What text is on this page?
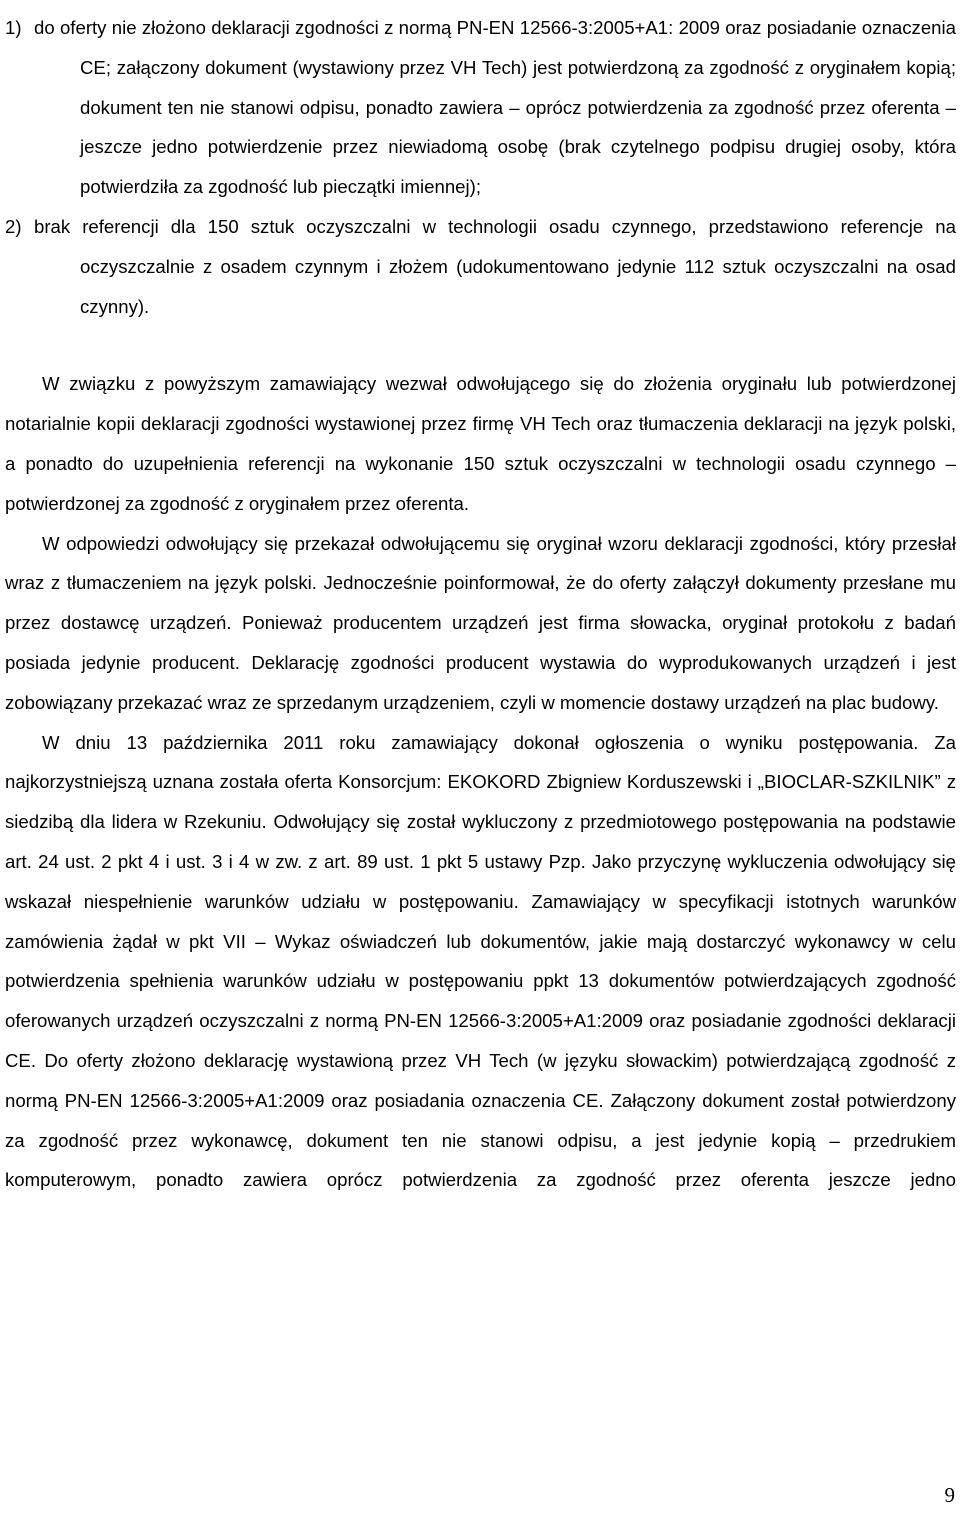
1) do oferty nie złożono deklaracji zgodności z normą PN-EN 12566-3:2005+A1: 2009 oraz posiadanie oznaczenia CE; załączony dokument (wystawiony przez VH Tech) jest potwierdzoną za zgodność z oryginałem kopią; dokument ten nie stanowi odpisu, ponadto zawiera – oprócz potwierdzenia za zgodność przez oferenta – jeszcze jedno potwierdzenie przez niewiadomą osobę (brak czytelnego podpisu drugiej osoby, która potwierdziła za zgodność lub pieczątki imiennej);
2) brak referencji dla 150 sztuk oczyszczalni w technologii osadu czynnego, przedstawiono referencje na oczyszczalnie z osadem czynnym i złożem (udokumentowano jedynie 112 sztuk oczyszczalni na osad czynny).

W związku z powyższym zamawiający wezwał odwołującego się do złożenia oryginału lub potwierdzonej notarialnie kopii deklaracji zgodności wystawionej przez firmę VH Tech oraz tłumaczenia deklaracji na język polski, a ponadto do uzupełnienia referencji na wykonanie 150 sztuk oczyszczalni w technologii osadu czynnego – potwierdzonej za zgodność z oryginałem przez oferenta.

W odpowiedzi odwołujący się przekazał odwołującemu się oryginał wzoru deklaracji zgodności, który przesłał wraz z tłumaczeniem na język polski. Jednocześnie poinformował, że do oferty załączył dokumenty przesłane mu przez dostawcę urządzeń. Ponieważ producentem urządzeń jest firma słowacka, oryginał protokołu z badań posiada jedynie producent. Deklarację zgodności producent wystawia do wyprodukowanych urządzeń i jest zobowiązany przekazać wraz ze sprzedanym urządzeniem, czyli w momencie dostawy urządzeń na plac budowy.

W dniu 13 października 2011 roku zamawiający dokonał ogłoszenia o wyniku postępowania. Za najkorzystniejszą uznana została oferta Konsorcjum: EKOKORD Zbigniew Korduszewski i „BIOCLAR-SZKILNIK” z siedzibą dla lidera w Rzekuniu. Odwołujący się został wykluczony z przedmiotowego postępowania na podstawie art. 24 ust. 2 pkt 4 i ust. 3 i 4 w zw. z art. 89 ust. 1 pkt 5 ustawy Pzp. Jako przyczynę wykluczenia odwołujący się wskazał niespełnienie warunków udziału w postępowaniu. Zamawiający w specyfikacji istotnych warunków zamówienia żądał w pkt VII – Wykaz oświadczeń lub dokumentów, jakie mają dostarczyć wykonawcy w celu potwierdzenia spełnienia warunków udziału w postępowaniu ppkt 13 dokumentów potwierdzających zgodność oferowanych urządzeń oczyszczalni z normą PN-EN 12566-3:2005+A1:2009 oraz posiadanie zgodności deklaracji CE. Do oferty złożono deklarację wystawioną przez VH Tech (w języku słowackim) potwierdzającą zgodność z normą PN-EN 12566-3:2005+A1:2009 oraz posiadania oznaczenia CE. Załączony dokument został potwierdzony za zgodność przez wykonawcę, dokument ten nie stanowi odpisu, a jest jedynie kopią – przedrukiem komputerowym, ponadto zawiera oprócz potwierdzenia za zgodność przez oferenta jeszcze jedno

9
